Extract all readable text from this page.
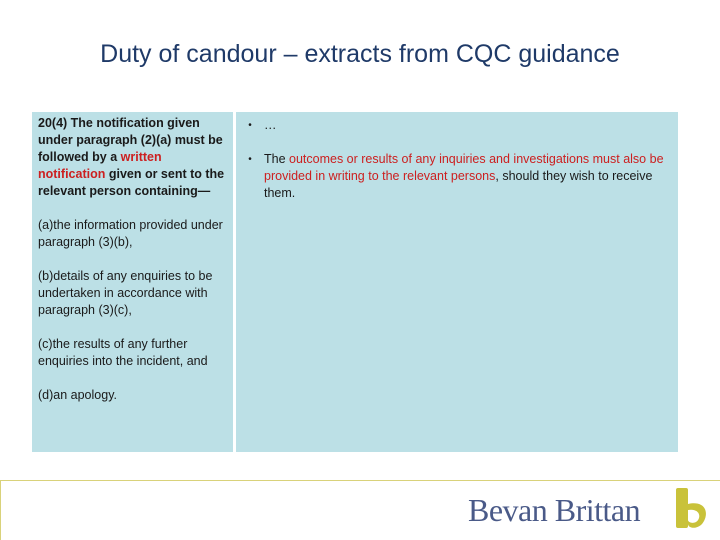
Duty of candour – extracts from CQC guidance

20(4) The notification given under paragraph (2)(a) must be followed by a written notification given or sent to the relevant person containing—

(a)the information provided under paragraph (3)(b),

(b)details of any enquiries to be undertaken in accordance with paragraph (3)(c),

(c)the results of any further enquiries into the incident, and

(d)an apology.

• …
• The outcomes or results of any inquiries and investigations must also be provided in writing to the relevant persons, should they wish to receive them.
Bevan Brittan
